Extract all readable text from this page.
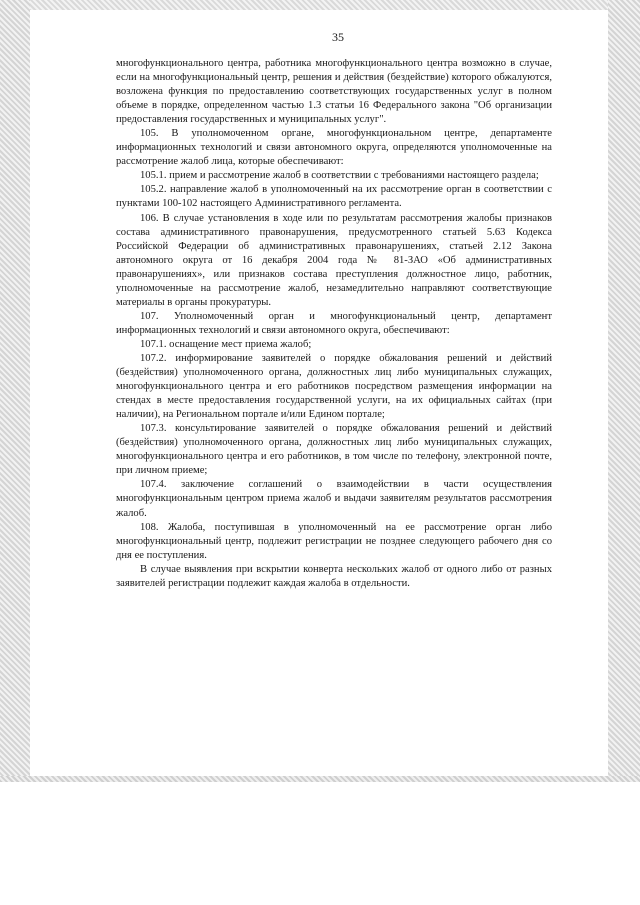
35

многофункционального центра, работника многофункционального центра возможно в случае, если на многофункциональный центр, решения и действия (бездействие) которого обжалуются, возложена функция по предоставлению соответствующих государственных услуг в полном объеме в порядке, определенном частью 1.3 статьи 16 Федерального закона "Об организации предоставления государственных и муниципальных услуг".

105. В уполномоченном органе, многофункциональном центре, департаменте информационных технологий и связи автономного округа, определяются уполномоченные на рассмотрение жалоб лица, которые обеспечивают:

105.1. прием и рассмотрение жалоб в соответствии с требованиями настоящего раздела;

105.2. направление жалоб в уполномоченный на их рассмотрение орган в соответствии с пунктами 100-102 настоящего Административного регламента.

106. В случае установления в ходе или по результатам рассмотрения жалобы признаков состава административного правонарушения, предусмотренного статьей 5.63 Кодекса Российской Федерации об административных правонарушениях, статьей 2.12 Закона автономного округа от 16 декабря 2004 года № 81-ЗАО «Об административных правонарушениях», или признаков состава преступления должностное лицо, работник, уполномоченные на рассмотрение жалоб, незамедлительно направляют соответствующие материалы в органы прокуратуры.

107. Уполномоченный орган и многофункциональный центр, департамент информационных технологий и связи автономного округа, обеспечивают:

107.1. оснащение мест приема жалоб;

107.2. информирование заявителей о порядке обжалования решений и действий (бездействия) уполномоченного органа, должностных лиц либо муниципальных служащих, многофункционального центра и его работников посредством размещения информации на стендах в месте предоставления государственной услуги, на их официальных сайтах (при наличии), на Региональном портале и/или Едином портале;

107.3. консультирование заявителей о порядке обжалования решений и действий (бездействия) уполномоченного органа, должностных лиц либо муниципальных служащих, многофункционального центра и его работников, в том числе по телефону, электронной почте, при личном приеме;

107.4. заключение соглашений о взаимодействии в части осуществления многофункциональным центром приема жалоб и выдачи заявителям результатов рассмотрения жалоб.

108. Жалоба, поступившая в уполномоченный на ее рассмотрение орган либо многофункциональный центр, подлежит регистрации не позднее следующего рабочего дня со дня ее поступления.

В случае выявления при вскрытии конверта нескольких жалоб от одного либо от разных заявителей регистрации подлежит каждая жалоба в отдельности.
